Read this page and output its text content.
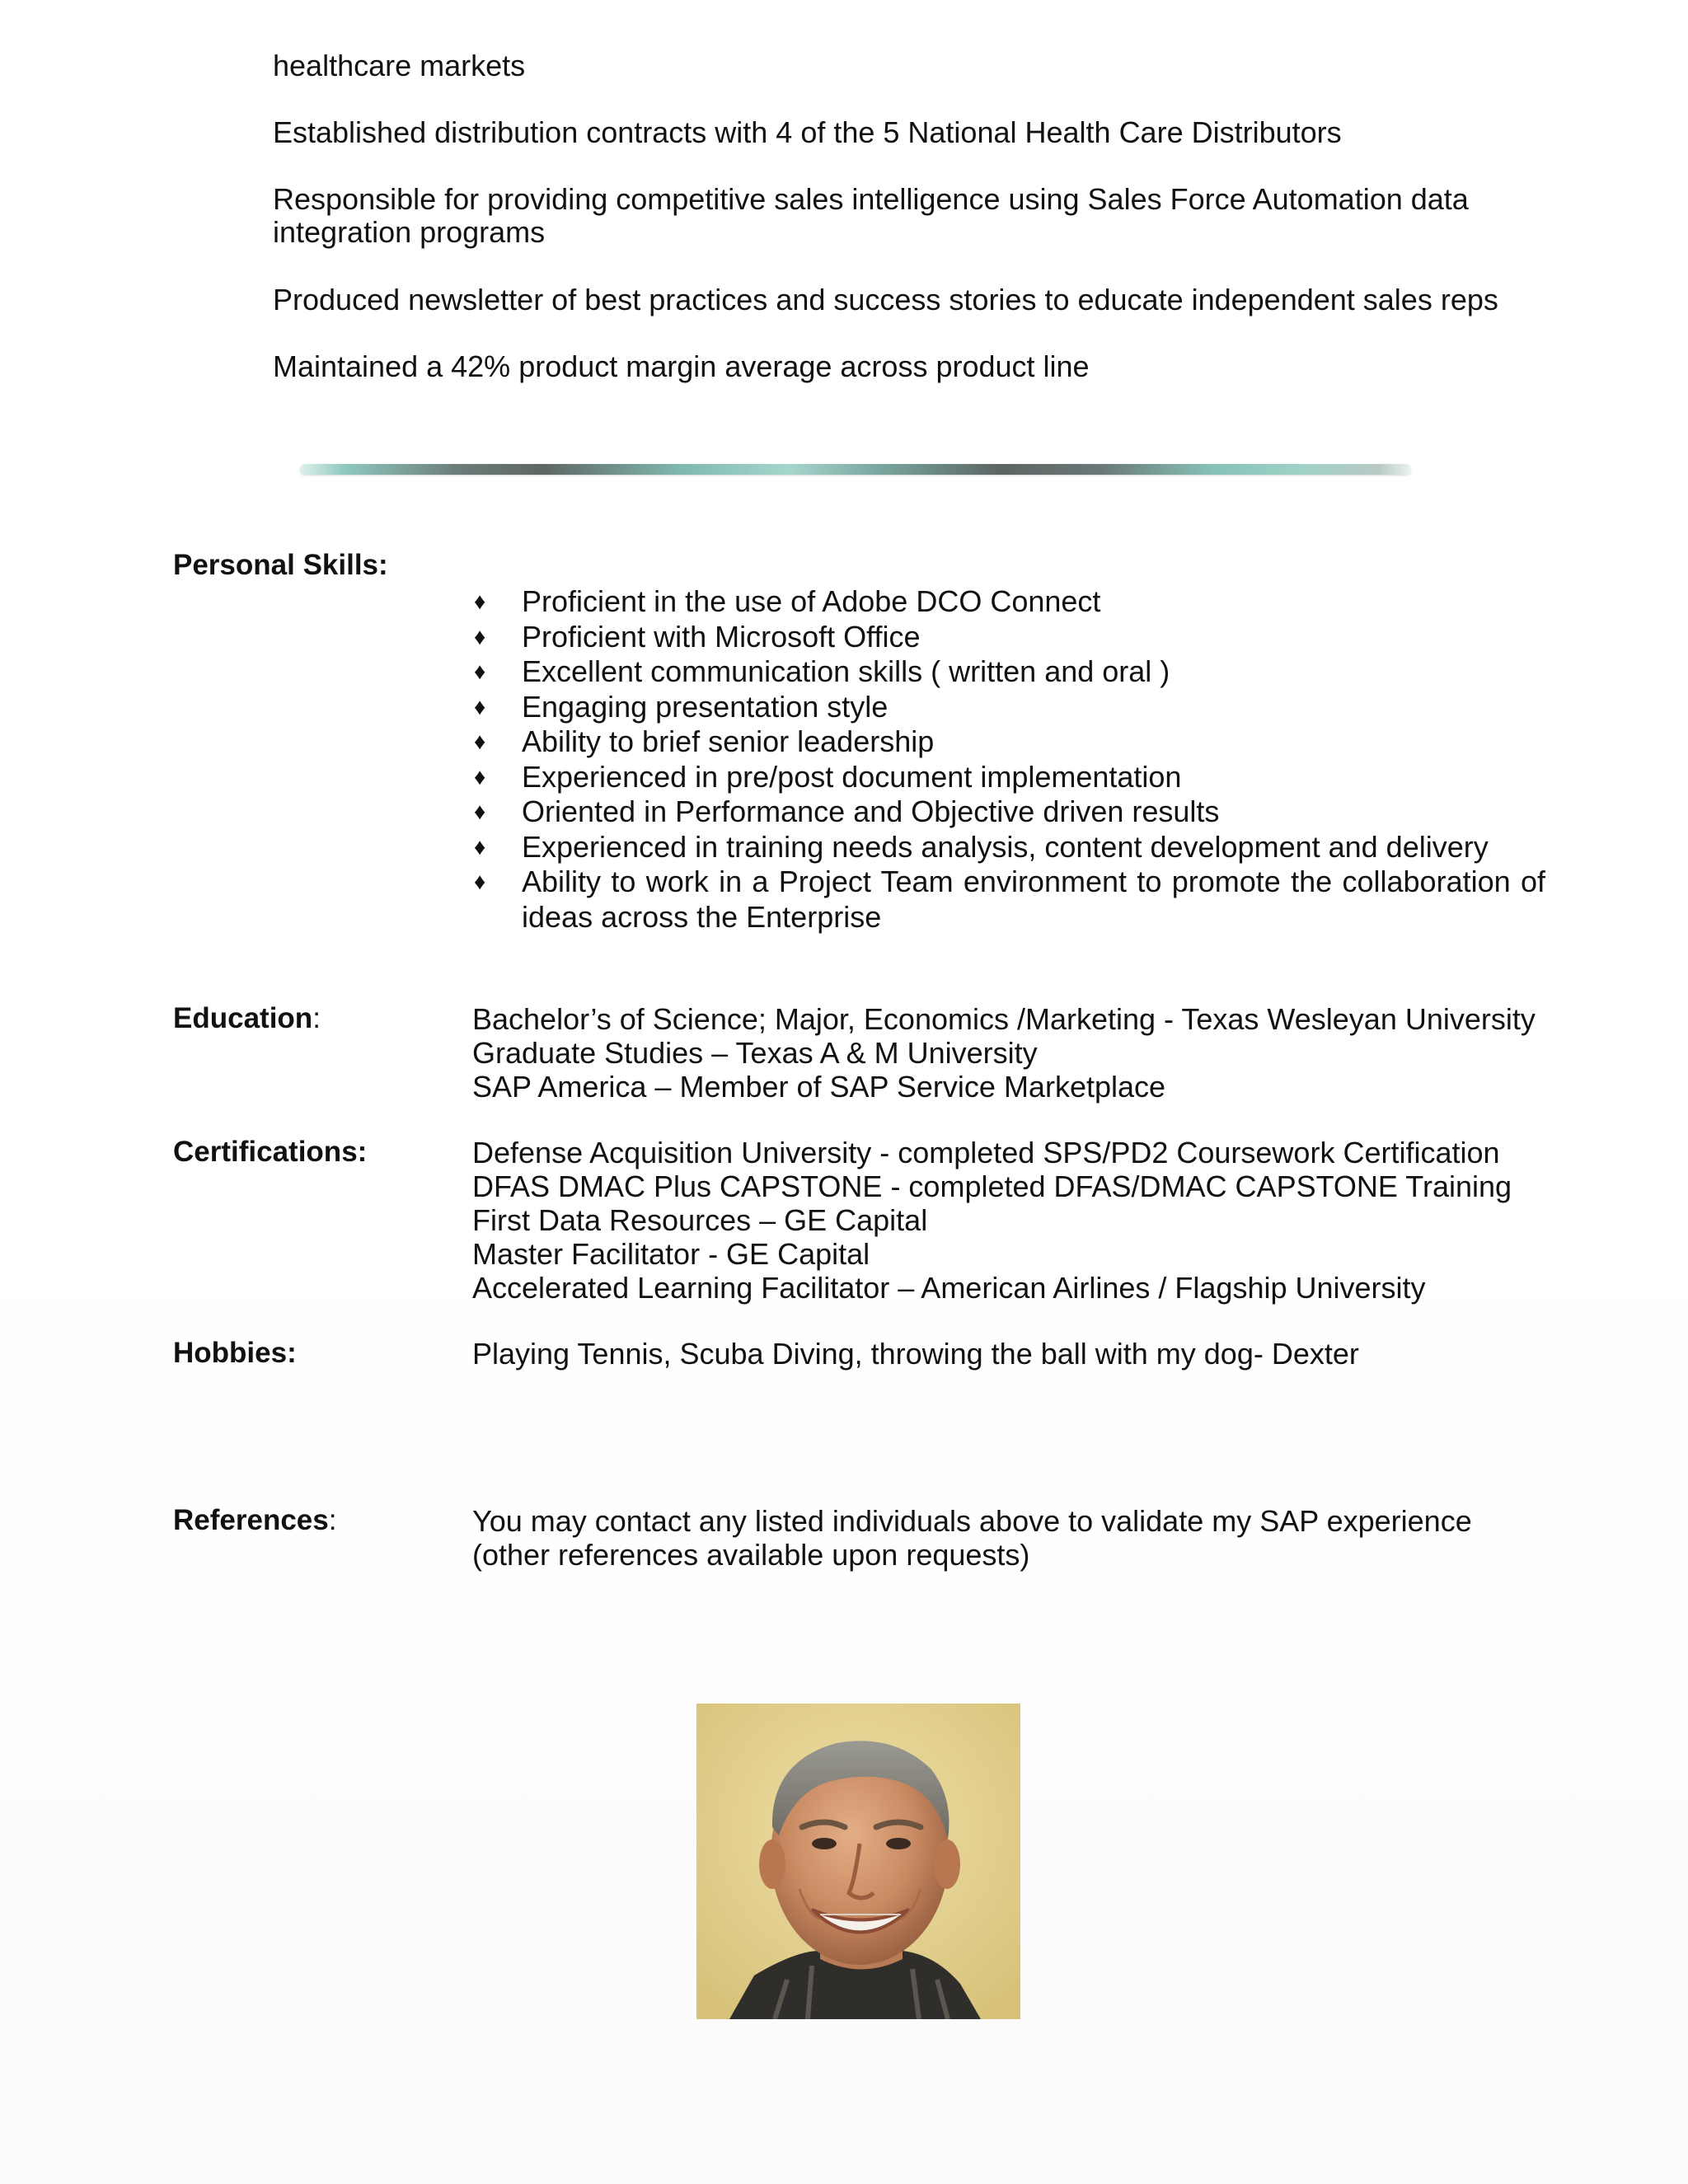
healthcare markets
Established distribution contracts with 4 of the 5 National Health Care Distributors
Responsible for providing competitive sales intelligence using Sales Force Automation data
integration programs
Produced newsletter of best practices and success stories to educate independent sales reps
Maintained a 42% product margin average across product line
Personal Skills:
♦ Proficient in the use of Adobe DCO Connect
♦ Proficient with Microsoft Office
♦ Excellent communication skills ( written and oral )
♦ Engaging presentation style
♦ Ability to brief senior leadership
♦ Experienced in pre/post document implementation
♦ Oriented in Performance and Objective driven results
♦ Experienced in training needs analysis, content development and delivery
♦ Ability to work in a Project Team environment to promote the collaboration of ideas across the Enterprise
Education:	Bachelor’s of Science; Major, Economics /Marketing - Texas Wesleyan University
Graduate Studies – Texas A & M University
SAP America – Member of SAP Service Marketplace
Certifications:	Defense Acquisition University - completed SPS/PD2 Coursework Certification
DFAS DMAC Plus CAPSTONE - completed DFAS/DMAC CAPSTONE Training
First Data Resources – GE Capital
Master Facilitator - GE Capital
Accelerated Learning Facilitator – American Airlines / Flagship University
Hobbies:	Playing Tennis, Scuba Diving, throwing the ball with my dog- Dexter
References:	You may contact any listed individuals above to validate my SAP experience
(other references available upon requests)
